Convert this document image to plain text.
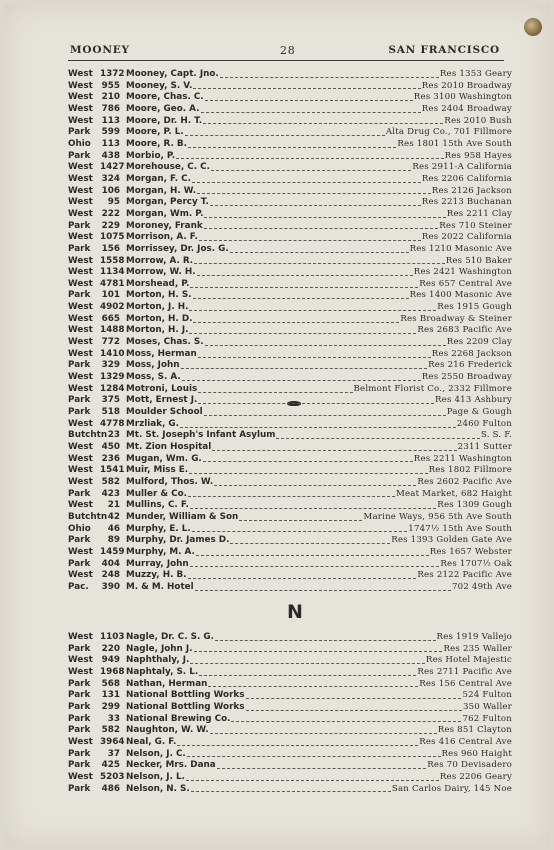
MOONEY	28	SAN FRANCISCO
West 1372 Mooney, Capt. Jno.	Res 1353 Geary
West	955 Mooney, S. V.	Res 2010 Broadway
West	210 Moore, Chas. C.	Res 3100 Washington
West	786 Moore, Geo. A.	Res 2404 Broadway
West	113 Moore, Dr. H. T.	Res 2010 Bush
Park	599 Moore, P. L.	Alta Drug Co., 701 Fillmore
Ohio	113 Moore, R. B.	Res 1801 15th Ave South
Park	438 Morbio, P.	Res 958 Hayes
West 1427 Morehouse, C. C.	Res 2911-A California
West	324 Morgan, F. C.	Res 2206 California
West	106 Morgan, H. W.	Res 2126 Jackson
West	95 Morgan, Percy T.	Res 2213 Buchanan
West	222 Morgan, Wm. P.	Res 2211 Clay
Park	229 Moroney, Frank	Res 710 Steiner
West 1075 Morrison, A. F.	Res 2022 California
Park	156 Morrissey, Dr. Jos. G.	Res 1210 Masonic Ave
West 1558 Morrow, A. R.	Res 510 Baker
West 1134 Morrow, W. H.	Res 2421 Washington
West 4781 Morshead, P.	Res 657 Central Ave
Park	101 Morton, H. S.	Res 1400 Masonic Ave
West 4902 Morton, J. H.	Res 1915 Gough
West	665 Morton, H. D.	Res Broadway & Steiner
West 1488 Morton, H. J.	Res 2683 Pacific Ave
West	772 Moses, Chas. S.	Res 2209 Clay
West 1410 Moss, Herman	Res 2268 Jackson
Park	329 Moss, John	Res 216 Frederick
West 1329 Moss, S. A.	Res 2550 Broadway
West 1284 Motroni, Louis	Belmont Florist Co., 2332 Fillmore
Park	375 Mott, Ernest J.	Res 413 Ashbury
Park	518 Moulder School	Page & Gough
West 4778 Mrzliak, G.	2460 Fulton
Butchtn 23 Mt. St. Joseph's Infant Asylum	S. S. F.
West	450 Mt. Zion Hospital	2311 Sutter
West	236 Mugan, Wm. G.	Res 2211 Washington
West 1541 Muir, Miss E.	Res 1802 Fillmore
West	582 Mulford, Thos. W.	Res 2602 Pacific Ave
Park	423 Muller & Co.	Meat Market, 682 Haight
West	21 Mullins, C. F.	Res 1309 Gough
Butchtn 42 Munder, William & Son	Marine Ways, 956 5th Ave South
Ohio	46 Murphy, E. L.	1747½ 15th Ave South
Park	89 Murphy, Dr. James D.	Res 1393 Golden Gate Ave
West 1459 Murphy, M. A.	Res 1657 Webster
Park	404 Murray, John	Res 1707½ Oak
West	248 Muzzy, H. B.	Res 2122 Pacific Ave
Pac.	390 M. & M. Hotel	702 49th Ave
N
West 1103 Nagle, Dr. C. S. G.	Res 1919 Vallejo
Park	220 Nagle, John J.	Res 235 Waller
West	949 Naphthaly, J.	Res Hotel Majestic
West 1968 Naphtaly, S. L.	Res 2711 Pacific Ave
Park	568 Nathan, Herman	Res 156 Central Ave
Park	131 National Bottling Works	524 Fulton
Park	299 National Bottling Works	350 Waller
Park	33 National Brewing Co.	762 Fulton
Park	582 Naughton, W. W.	Res 851 Clayton
West 3964 Neal, G. F.	Res 416 Central Ave
Park	37 Nelson, J. C.	Res 960 Haight
Park	425 Necker, Mrs. Dana	Res 70 Devisadero
West 5203 Nelson, J. L.	Res 2206 Geary
Park	486 Nelson, N. S.	San Carlos Dairy, 145 Noe
